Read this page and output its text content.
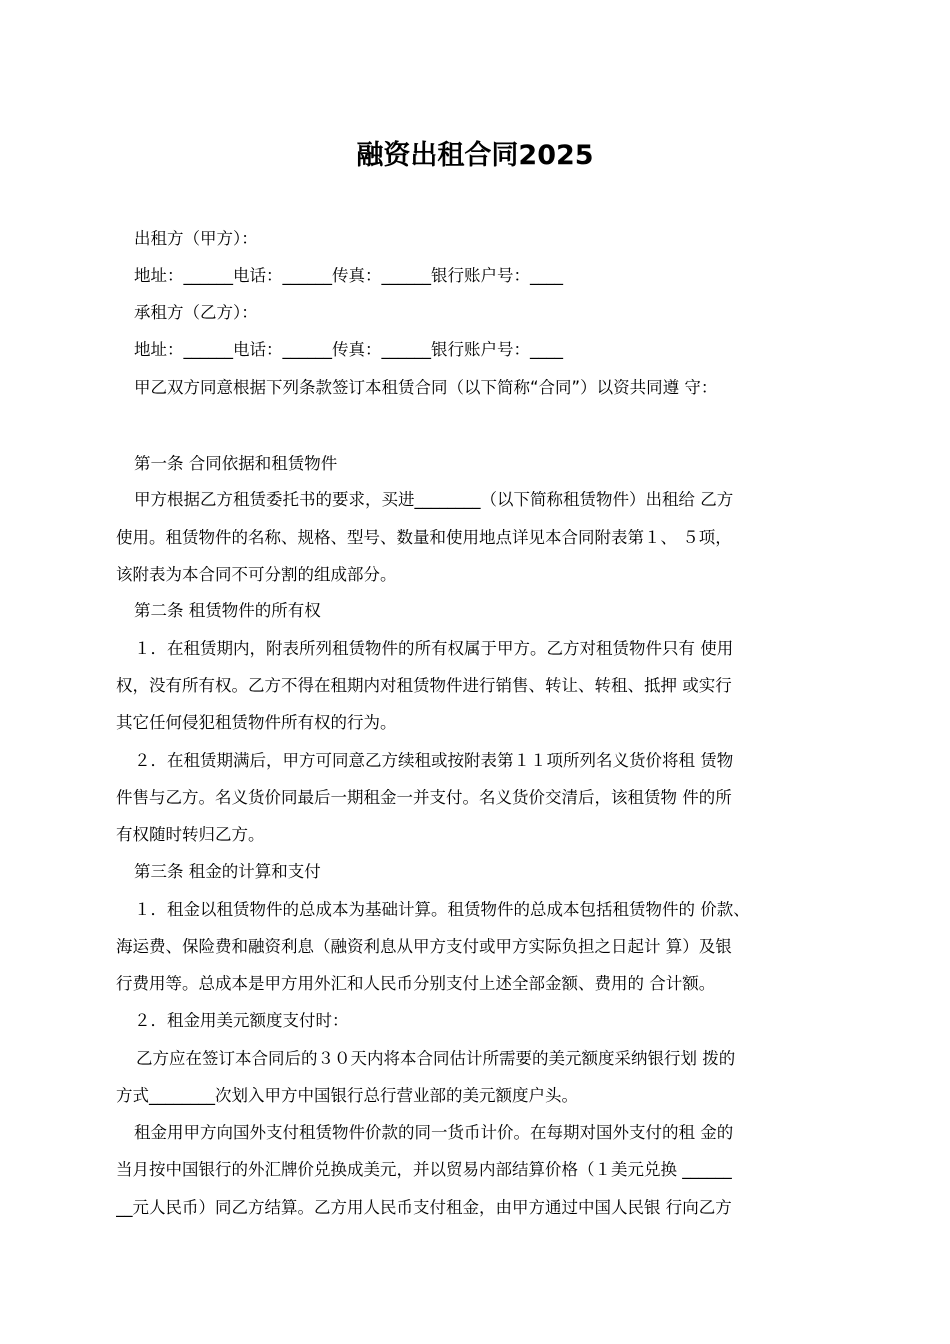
融资出租合同2025
出租方（甲方）：
地址：______电话：______传真：______银行账户号：____
承租方（乙方）：
地址：______电话：______传真：______银行账户号：____
甲乙双方同意根据下列条款签订本租赁合同（以下简称“合同”）以资共同遵 守：
第一条 合同依据和租赁物件
甲方根据乙方租赁委托书的要求，买进________（以下简称租赁物件）出租给 乙方
使用。租赁物件的名称、规格、型号、数量和使用地点详见本合同附表第１、 ５项，
该附表为本合同不可分割的组成部分。
第二条 租赁物件的所有权
１．在租赁期内，附表所列租赁物件的所有权属于甲方。乙方对租赁物件只有 使用
权，没有所有权。乙方不得在租期内对租赁物件进行销售、转让、转租、抵押 或实行
其它任何侵犯租赁物件所有权的行为。
２．在租赁期满后，甲方可同意乙方续租或按附表第１１项所列名义货价将租 赁物
件售与乙方。名义货价同最后一期租金一并支付。名义货价交清后，该租赁物 件的所
有权随时转归乙方。
第三条 租金的计算和支付
１．租金以租赁物件的总成本为基础计算。租赁物件的总成本包括租赁物件的 价款、
海运费、保险费和融资利息（融资利息从甲方支付或甲方实际负担之日起计 算）及银
行费用等。总成本是甲方用外汇和人民币分别支付上述全部金额、费用的 合计额。
２．租金用美元额度支付时：
乙方应在签订本合同后的３０天内将本合同估计所需要的美元额度采纳银行划 拨的
方式________次划入甲方中国银行总行营业部的美元额度户头。
租金用甲方向国外支付租赁物件价款的同一货币计价。在每期对国外支付的租 金的
当月按中国银行的外汇牌价兑换成美元，并以贸易内部结算价格（１美元兑换 ______
__元人民币）同乙方结算。乙方用人民币支付租金，由甲方通过中国人民银 行向乙方
